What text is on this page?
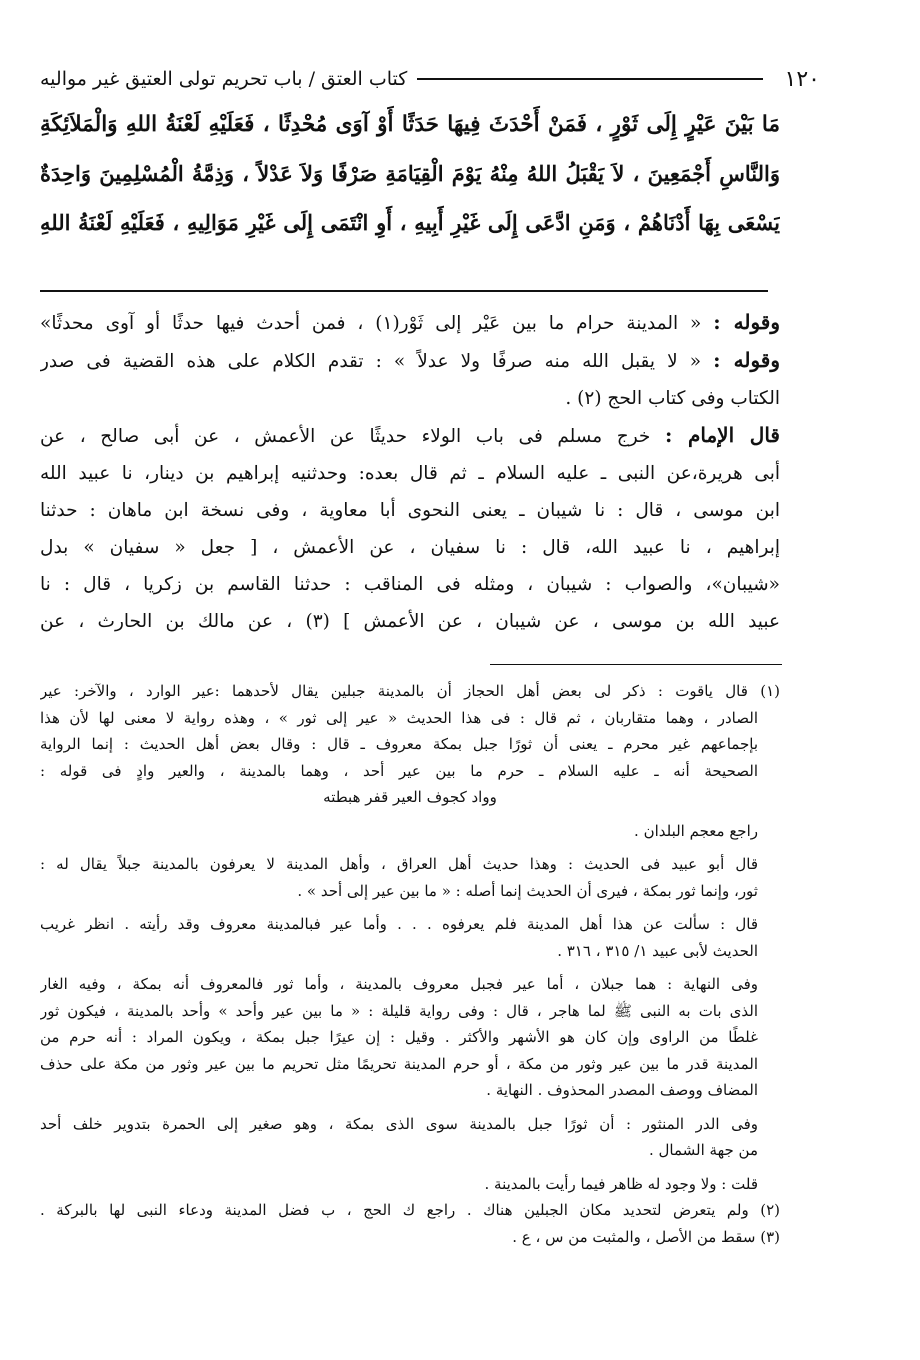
١٢٠
كتاب العتق / باب تحريم تولى العتيق غير مواليه

مَا بَيْنَ عَيْرٍ إِلَى ثَوْرٍ ، فَمَنْ أَحْدَثَ فِيهَا حَدَثًا أَوْ آوَى مُحْدِثًا ، فَعَلَيْهِ لَعْنَةُ اللهِ وَالْمَلاَئِكَةِ

وَالنَّاسِ أَجْمَعِينَ ، لاَ يَقْبَلُ اللهُ مِنْهُ يَوْمَ الْقِيَامَةِ صَرْفًا وَلاَ عَدْلاً ، وَذِمَّةُ الْمُسْلِمِينَ وَاحِدَةٌ

يَسْعَى بِهَا أَدْنَاهُمْ ، وَمَنِ ادَّعَى إِلَى غَيْرِ أَبِيهِ ، أَوِ انْتَمَى إِلَى غَيْرِ مَوَالِيهِ ، فَعَلَيْهِ لَعْنَةُ اللهِ

وقوله : « المدينة حرام ما بين عَيْر إلى ثَوْر(١) ، فمن أحدث فيها حدثًا أو آوى محدثًا»

وقوله : « لا يقبل الله منه صرفًا ولا عدلاً » : تقدم الكلام على هذه القضية فى صدر

الكتاب وفى كتاب الحج (٢) .

قال الإمام : خرج مسلم فى باب الولاء حديثًا عن الأعمش ، عن أبى صالح ، عن

أبى هريرة،عن النبى ـ عليه السلام ـ ثم قال بعده: وحدثنيه إبراهيم بن دينار، نا عبيد الله

ابن موسى ، قال : نا شيبان ـ يعنى النحوى أبا معاوية ، وفى نسخة ابن ماهان : حدثنا

إبراهيم ، نا عبيد الله، قال : نا سفيان ، عن الأعمش ، [ جعل « سفيان » بدل

«شيبان»، والصواب : شيبان ، ومثله فى المناقب : حدثنا القاسم بن زكريا ، قال : نا

عبيد الله بن موسى ، عن شيبان ، عن الأعمش ] (٣) ، عن مالك بن الحارث ، عن

(١) قال ياقوت : ذكر لى بعض أهل الحجاز أن بالمدينة جبلين يقال لأحدهما :عير الوارد ، والآخر: عير

الصادر ، وهما متقاربان ، ثم قال : فى هذا الحديث « عير إلى ثور » ، وهذه رواية لا معنى لها لأن هذا

بإجماعهم غير محرم ـ يعنى أن ثورًا جبل بمكة معروف ـ قال : وقال بعض أهل الحديث : إنما الرواية

الصحيحة أنه ـ عليه السلام ـ حرم ما بين عير أحد ، وهما بالمدينة ، والعير وادٍ فى قوله :

وواد كجوف العير قفر هبطته

راجع معجم البلدان .

قال أبو عبيد فى الحديث : وهذا حديث أهل العراق ، وأهل المدينة لا يعرفون بالمدينة جبلاً يقال له :

ثور، وإنما ثور بمكة ، فيرى أن الحديث إنما أصله : « ما بين عير إلى أحد » .

قال : سألت عن هذا أهل المدينة فلم يعرفوه . . . وأما عير فبالمدينة معروف وقد رأيته . انظر غريب

الحديث لأبى عبيد ١/ ٣١٥ ، ٣١٦ .

وفى النهاية : هما جبلان ، أما عير فجبل معروف بالمدينة ، وأما ثور فالمعروف أنه بمكة ، وفيه الغار

الذى بات به النبى ﷺ لما هاجر ، قال : وفى رواية قليلة : « ما بين عير وأحد » وأحد بالمدينة ، فيكون ثور

غلطًا من الراوى وإن كان هو الأشهر والأكثر . وقيل : إن عيرًا جبل بمكة ، ويكون المراد : أنه حرم من

المدينة قدر ما بين عير وثور من مكة ، أو حرم المدينة تحريمًا مثل تحريم ما بين عير وثور من مكة على حذف

المضاف ووصف المصدر المحذوف . النهاية .

وفى الدر المنثور : أن ثورًا جبل بالمدينة سوى الذى بمكة ، وهو صغير إلى الحمرة بتدوير خلف أحد

من جهة الشمال .

قلت : ولا وجود له ظاهر فيما رأيت بالمدينة .

(٢) ولم يتعرض لتحديد مكان الجبلين هناك . راجع ك الحج ، ب فضل المدينة ودعاء النبى لها بالبركة .

(٣) سقط من الأصل ، والمثبت من س ، ع .
